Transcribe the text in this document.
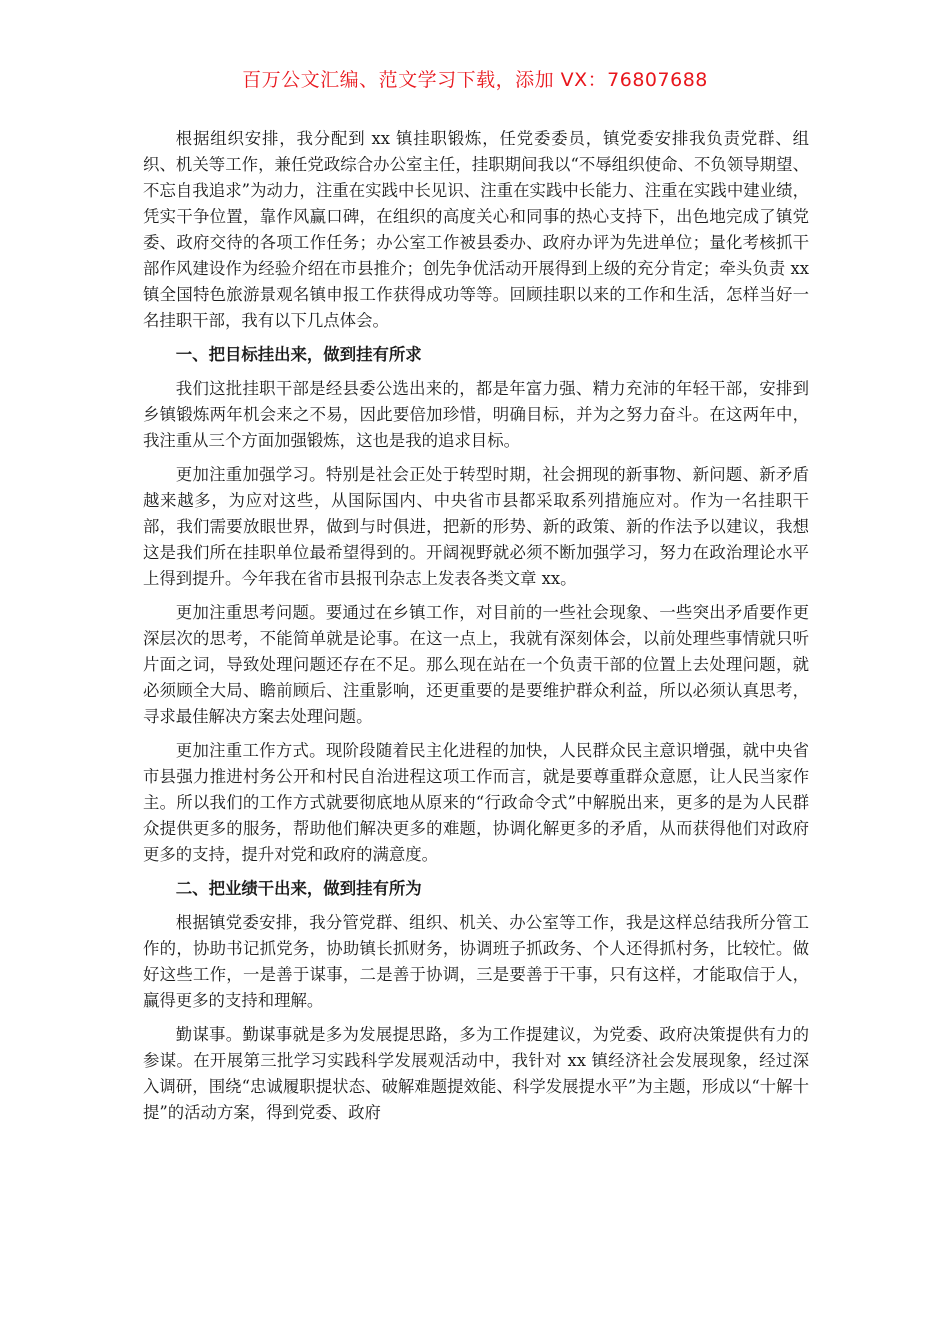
百万公文汇编、范文学习下载，添加 VX：76807688

根据组织安排，我分配到 xx 镇挂职锻炼，任党委委员，镇党委安排我负责党群、组织、机关等工作，兼任党政综合办公室主任，挂职期间我以“不辱组织使命、不负领导期望、不忘自我追求”为动力，注重在实践中长见识、注重在实践中长能力、注重在实践中建业绩，凭实干争位置，靠作风赢口碑，在组织的高度关心和同事的热心支持下，出色地完成了镇党委、政府交待的各项工作任务；办公室工作被县委办、政府办评为先进单位；量化考核抓干部作风建设作为经验介绍在市县推介；创先争优活动开展得到上级的充分肯定；牵头负责 xx 镇全国特色旅游景观名镇申报工作获得成功等等。回顾挂职以来的工作和生活，怎样当好一名挂职干部，我有以下几点体会。

一、把目标挂出来，做到挂有所求

我们这批挂职干部是经县委公选出来的，都是年富力强、精力充沛的年轻干部，安排到乡镇锻炼两年机会来之不易，因此要倍加珍惜，明确目标，并为之努力奋斗。在这两年中，我注重从三个方面加强锻炼，这也是我的追求目标。

更加注重加强学习。特别是社会正处于转型时期，社会拥现的新事物、新问题、新矛盾越来越多，为应对这些，从国际国内、中央省市县都采取系列措施应对。作为一名挂职干部，我们需要放眼世界，做到与时俱进，把新的形势、新的政策、新的作法予以建议，我想这是我们所在挂职单位最希望得到的。开阔视野就必须不断加强学习，努力在政治理论水平上得到提升。今年我在省市县报刊杂志上发表各类文章 xx。

更加注重思考问题。要通过在乡镇工作，对目前的一些社会现象、一些突出矛盾要作更深层次的思考，不能简单就是论事。在这一点上，我就有深刻体会，以前处理些事情就只听片面之词，导致处理问题还存在不足。那么现在站在一个负责干部的位置上去处理问题，就必须顾全大局、瞻前顾后、注重影响，还更重要的是要维护群众利益，所以必须认真思考，寻求最佳解决方案去处理问题。

更加注重工作方式。现阶段随着民主化进程的加快，人民群众民主意识增强，就中央省市县强力推进村务公开和村民自治进程这项工作而言，就是要尊重群众意愿，让人民当家作主。所以我们的工作方式就要彻底地从原来的“行政命令式”中解脱出来，更多的是为人民群众提供更多的服务，帮助他们解决更多的难题，协调化解更多的矛盾，从而获得他们对政府更多的支持，提升对党和政府的满意度。

二、把业绩干出来，做到挂有所为

根据镇党委安排，我分管党群、组织、机关、办公室等工作，我是这样总结我所分管工作的，协助书记抓党务，协助镇长抓财务，协调班子抓政务、个人还得抓村务，比较忙。做好这些工作，一是善于谋事，二是善于协调，三是要善于干事，只有这样，才能取信于人，赢得更多的支持和理解。

勤谋事。勤谋事就是多为发展提思路，多为工作提建议，为党委、政府决策提供有力的参谋。在开展第三批学习实践科学发展观活动中，我针对 xx 镇经济社会发展现象，经过深入调研，围绕“忠诚履职提状态、破解难题提效能、科学发展提水平”为主题，形成以“十解十提”的活动方案，得到党委、政府
